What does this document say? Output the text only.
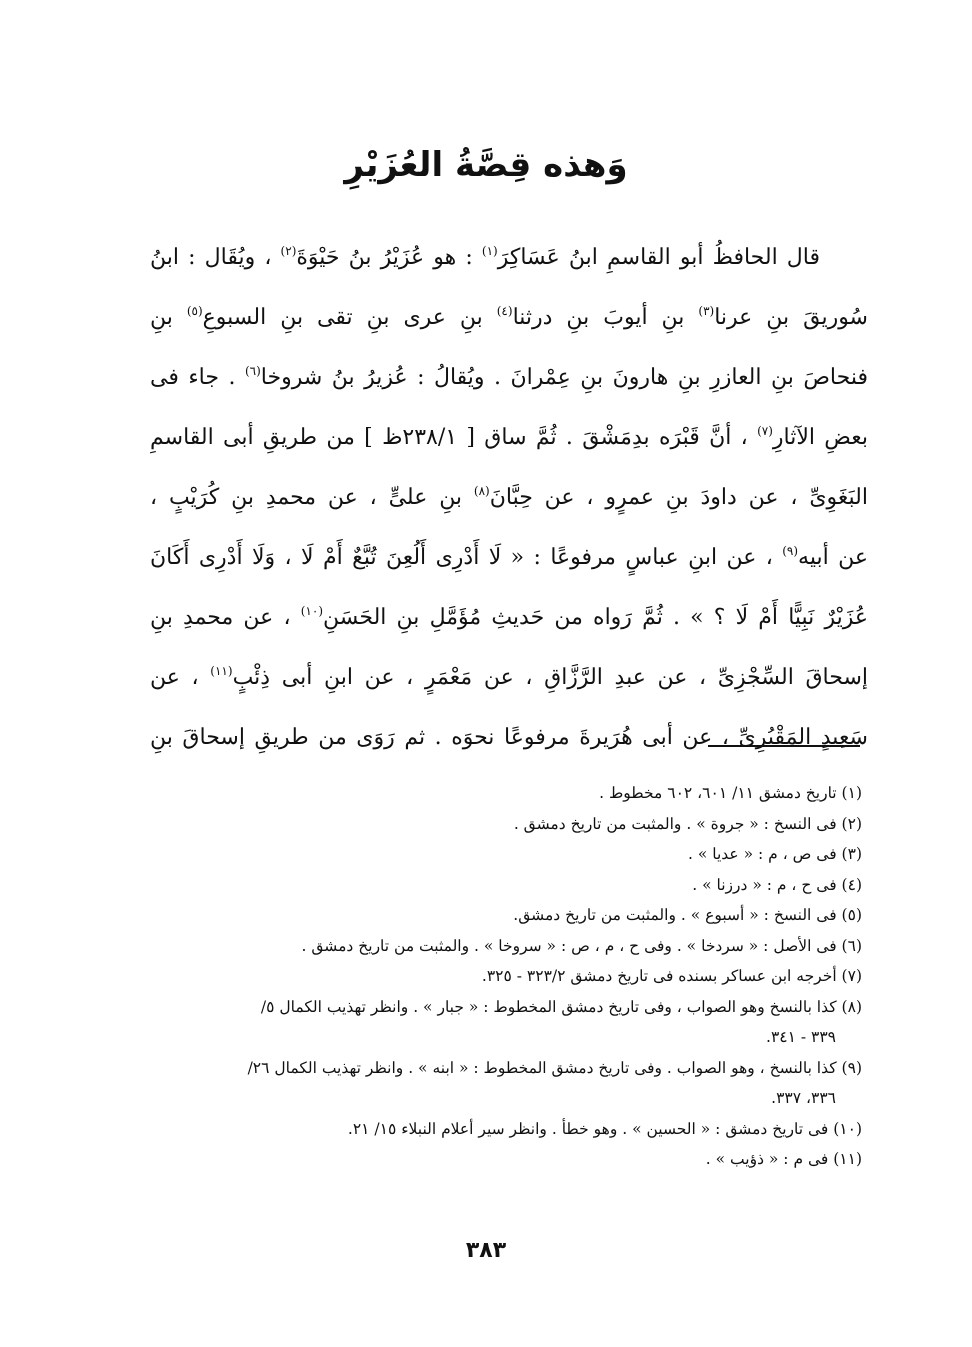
وَهذه قِصَّةُ العُزَيْرِ
قال الحافظُ أبو القاسمِ ابنُ عَسَاكِرَ$^{(١)}$ : هو عُزَيْرُ بنُ حَيْوَةَ$^{(٢)}$ ، ويُقَال : ابنُ
سُوريقَ بنِ عرنا$^{(٣)}$ بنِ أيوبَ بنِ درثنا$^{(٤)}$ بنِ عرى بنِ تقى بنِ السبوعِ$^{(٥)}$ بنِ
فنحاصَ بنِ العازرِ بنِ هارونَ بنِ عِمْرانَ . ويُقالُ : عُزيرُ بنُ شروخا$^{(٦)}$ . جاء فى
بعضِ الآثارِ$^{(٧)}$ ، أنَّ قَبْرَه بدِمَشْقَ . ثُمَّ ساق [ ٢٣٨/١ظ ] من طريقِ أبى القاسمِ
البَغَوِىِّ ، عن داودَ بنِ عمرٍو ، عن حِبَّانَ$^{(٨)}$ بنِ علىٍّ ، عن محمدِ بنِ كُرَيْبٍ ،
عن أبيه$^{(٩)}$ ، عن ابنِ عباسٍ مرفوعًا : « لَا أَدْرِى أَلُعِنَ تُبَّعٌ أَمْ لَا ، وَلَا أَدْرِى أَكَانَ
عُزَيْرٌ نَبِيًّا أَمْ لَا ؟ » . ثُمَّ رَواه من حَديثِ مُؤَمَّلِ بنِ الحَسَنِ$^{(١٠)}$ ، عن محمدِ بنِ
إسحاقَ السِّجْزِىِّ ، عن عبدِ الرَّزَّاقِ ، عن مَعْمَرٍ ، عن ابنِ أبى ذِئْبٍ$^{(١١)}$ ، عن
سَعِيدٍ المَقْبُرِىِّ ، عن أبى هُرَيرةَ مرفوعًا نحوَه . ثم رَوَى من طريقِ إسحاقَ بنِ
(١) تاريخ دمشق ١١/ ٦٠١، ٦٠٢ مخطوط .
(٢) فى النسخ : « جروة » . والمثبت من تاريخ دمشق .
(٣) فى ص ، م : « عديا » .
(٤) فى ح ، م : « درزنا » .
(٥) فى النسخ : « أسبوع » . والمثبت من تاريخ دمشق.
(٦) فى الأصل : « سردخا » . وفى ح ، م ، ص : « سروخا » . والمثبت من تاريخ دمشق .
(٧) أخرجه ابن عساكر بسنده فى تاريخ دمشق ٣٢٣/٢ - ٣٢٥.
(٨) كذا بالنسخ وهو الصواب ، وفى تاريخ دمشق المخطوط : « جبار » . وانظر تهذيب الكمال ٥/
٣٣٩ - ٣٤١.
(٩) كذا بالنسخ ، وهو الصواب . وفى تاريخ دمشق المخطوط : « ابنه » . وانظر تهذيب الكمال ٢٦/
٣٣٦، ٣٣٧.
(١٠) فى تاريخ دمشق : « الحسين » . وهو خطأ . وانظر سير أعلام النبلاء ١٥/ ٢١.
(١١) فى م : « ذؤيب » .
٣٨٣
